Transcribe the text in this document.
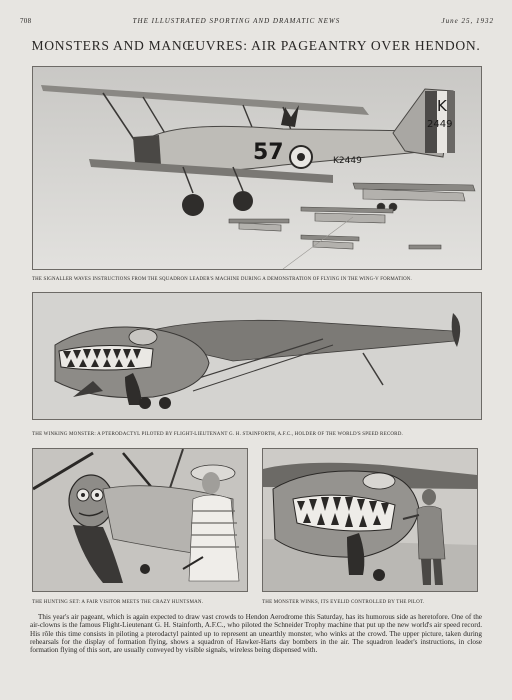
708	THE ILLUSTRATED SPORTING AND DRAMATIC NEWS	June 25, 1932
MONSTERS AND MANŒUVRES: AIR PAGEANTRY OVER HENDON.
K
2449
57	K2449
THE SIGNALLER WAVES INSTRUCTIONS FROM THE SQUADRON LEADER'S MACHINE DURING A DEMONSTRATION OF FLYING IN THE WING-V FORMATION.
THE WINKING MONSTER: A PTERODACTYL PILOTED BY FLIGHT-LIEUTENANT G. H. STAINFORTH, A.F.C., HOLDER OF THE WORLD'S SPEED RECORD.
THE HUNTING SET: A FAIR VISITOR MEETS THE CRAZY HUNTSMAN.	THE MONSTER WINKS, ITS EYELID CONTROLLED BY THE PILOT.

This year's air pageant, which is again expected to draw vast crowds to Hendon Aerodrome this Saturday, has its humorous side as heretofore. One of the air-clowns is the famous Flight-Lieutenant G. H. Stainforth, A.F.C., who piloted the Schneider Trophy machine that put up the new world's air speed record. His rôle this time consists in piloting a pterodactyl painted up to represent an unearthly monster, who winks at the crowd. The upper picture, taken during rehearsals for the display of formation flying, shows a squadron of Hawker-Harts day bombers in the air. The squadron leader's instructions, in close formation flying of this sort, are usually conveyed by visible signals, wireless being dispensed with.
